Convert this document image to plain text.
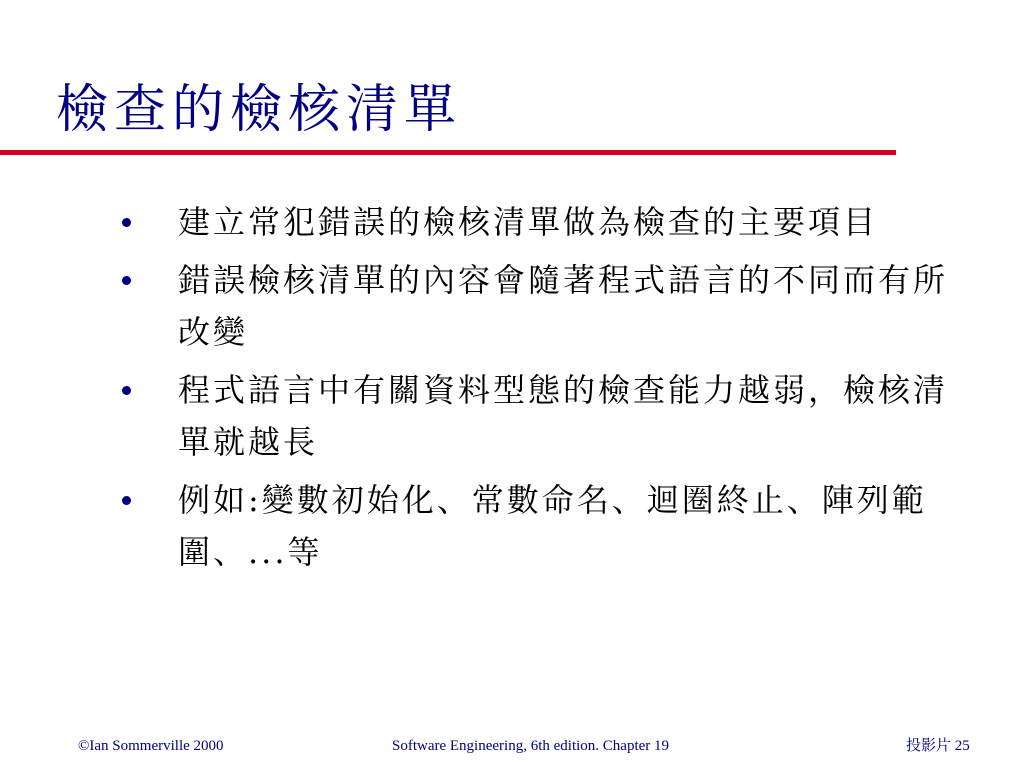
檢查的檢核清單
建立常犯錯誤的檢核清單做為檢查的主要項目
錯誤檢核清單的內容會隨著程式語言的不同而有所改變
程式語言中有關資料型態的檢查能力越弱，檢核清單就越長
例如:變數初始化、常數命名、迴圈終止、陣列範圍、...等
©Ian Sommerville 2000	Software Engineering, 6th edition. Chapter 19	投影片 25
